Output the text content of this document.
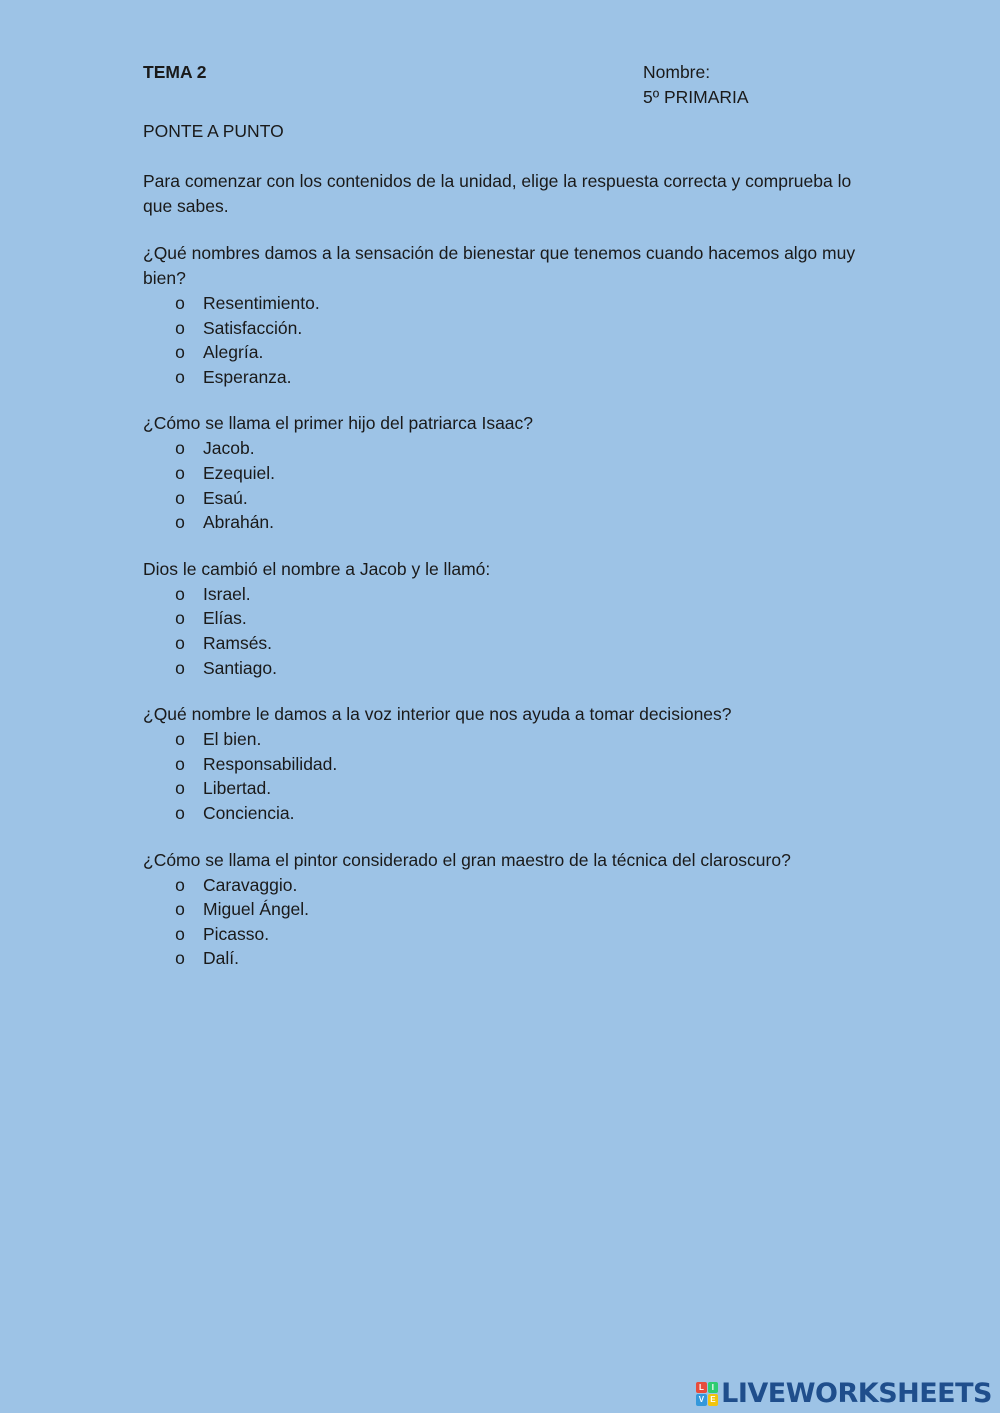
TEMA 2	Nombre:
5º PRIMARIA
PONTE A PUNTO
Para comenzar con los contenidos de la unidad, elige la respuesta correcta y comprueba lo que sabes.
¿Qué nombres damos a la sensación de bienestar que tenemos cuando hacemos algo muy bien?
o Resentimiento.
o Satisfacción.
o Alegría.
o Esperanza.
¿Cómo se llama el primer hijo del patriarca Isaac?
o Jacob.
o Ezequiel.
o Esaú.
o Abrahán.
Dios le cambió el nombre a Jacob y le llamó:
o Israel.
o Elías.
o Ramsés.
o Santiago.
¿Qué nombre le damos a la voz interior que nos ayuda a tomar decisiones?
o El bien.
o Responsabilidad.
o Libertad.
o Conciencia.
¿Cómo se llama el pintor considerado el gran maestro de la técnica del claroscuro?
o Caravaggio.
o Miguel Ángel.
o Picasso.
o Dalí.
L I
V E LIVEWORKSHEETS
